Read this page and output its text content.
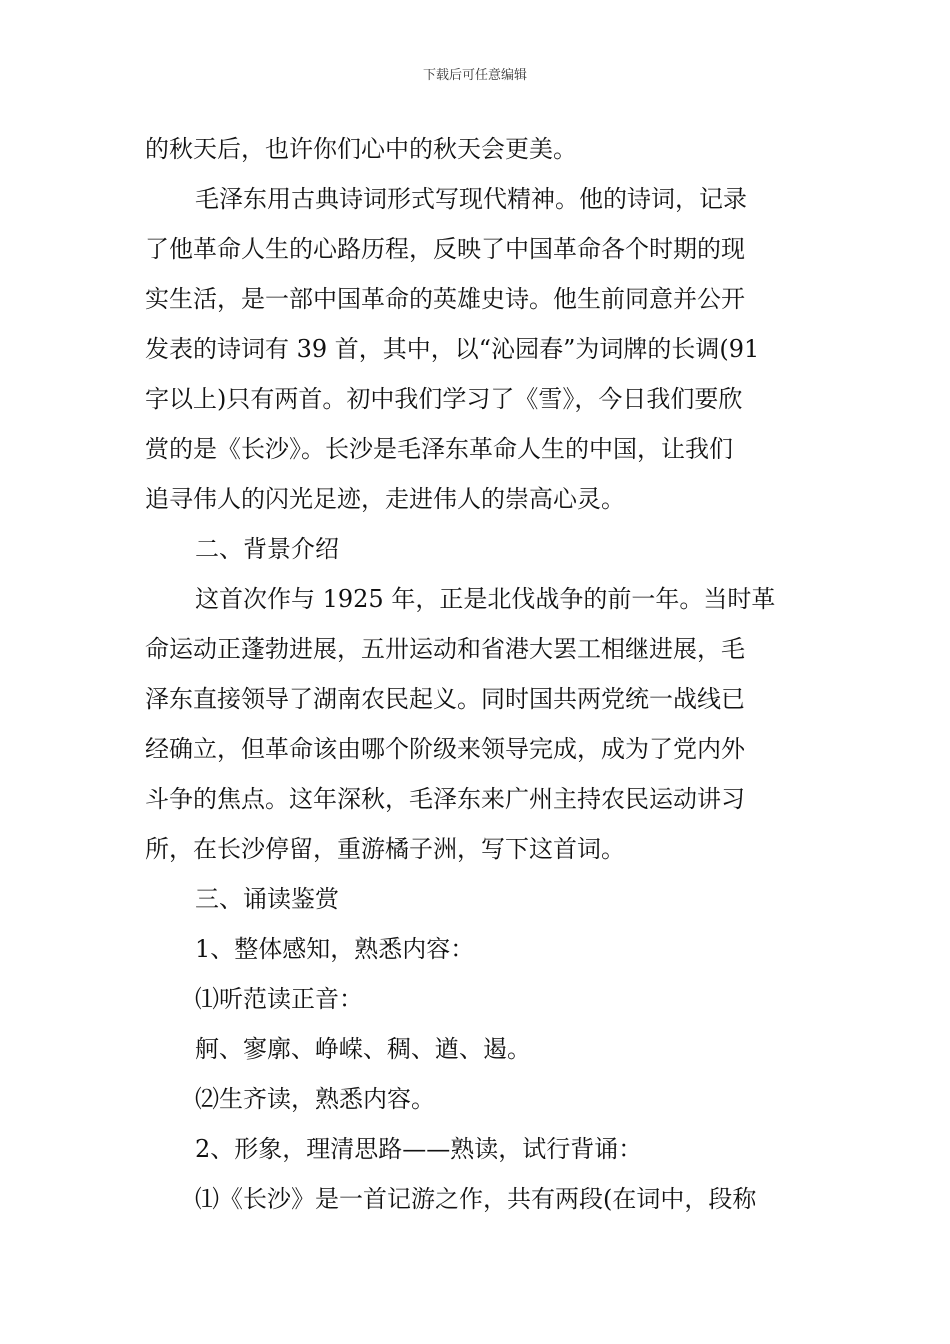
下载后可任意编辑
的秋天后，也许你们心中的秋天会更美。
毛泽东用古典诗词形式写现代精神。他的诗词，记录
了他革命人生的心路历程，反映了中国革命各个时期的现
实生活，是一部中国革命的英雄史诗。他生前同意并公开
发表的诗词有 39 首，其中，以“沁园春”为词牌的长调(91
字以上)只有两首。初中我们学习了《雪》，今日我们要欣
赏的是《长沙》。长沙是毛泽东革命人生的中国，让我们
追寻伟人的闪光足迹，走进伟人的崇高心灵。
二、背景介绍
这首次作与 1925 年，正是北伐战争的前一年。当时革
命运动正蓬勃进展，五卅运动和省港大罢工相继进展，毛
泽东直接领导了湖南农民起义。同时国共两党统一战线已
经确立，但革命该由哪个阶级来领导完成，成为了党内外
斗争的焦点。这年深秋，毛泽东来广州主持农民运动讲习
所，在长沙停留，重游橘子洲，写下这首词。
三、诵读鉴赏
1、整体感知，熟悉内容：
⑴听范读正音：
舸、寥廓、峥嵘、稠、遒、遏。
⑵生齐读，熟悉内容。
2、形象，理清思路——熟读，试行背诵：
⑴《长沙》是一首记游之作，共有两段(在词中，段称
